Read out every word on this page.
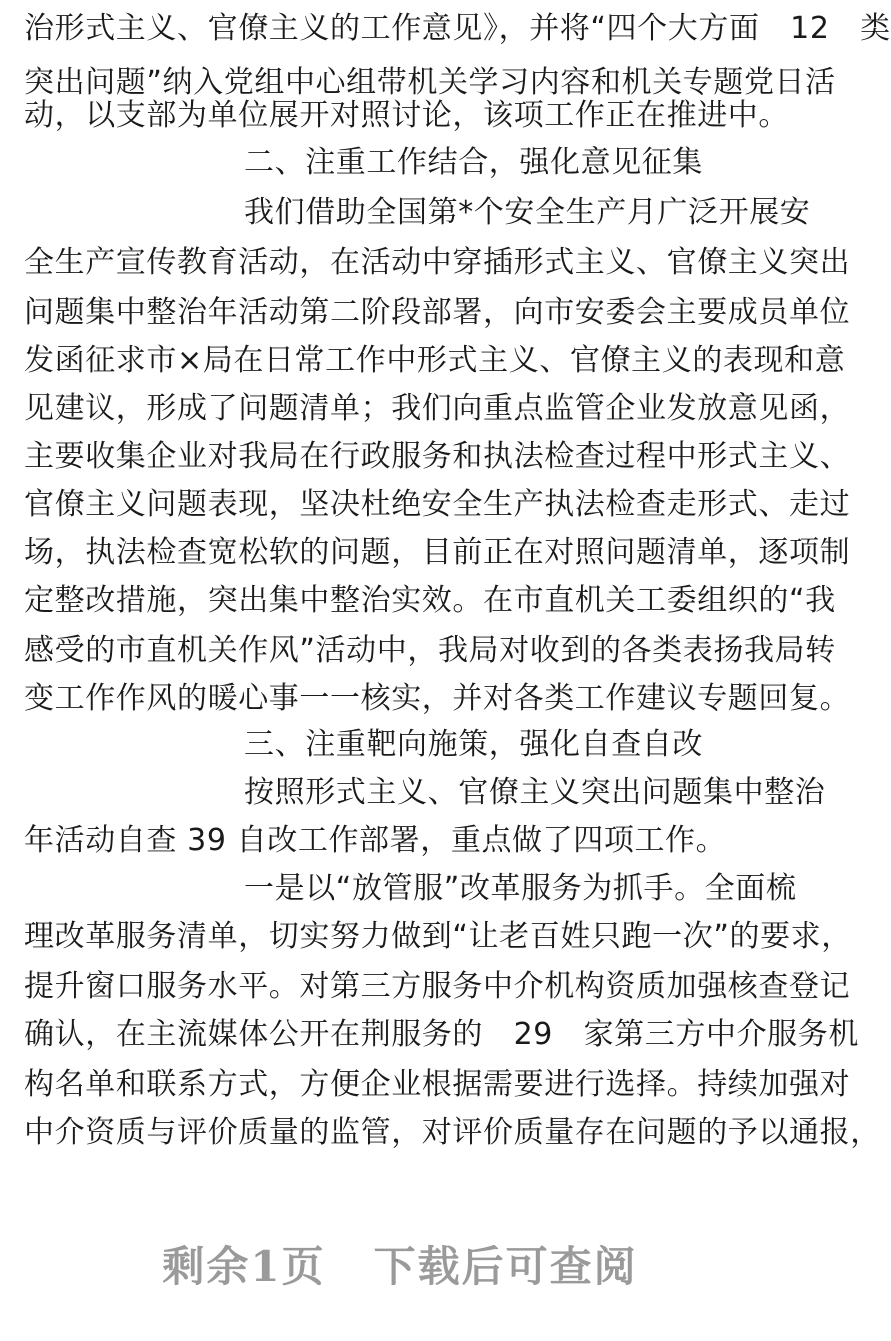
治形式主义、官僚主义的工作意见》，并将“四个大方面　12　类
突出问题”纳入党组中心组带机关学习内容和机关专题党日活
动，以支部为单位展开对照讨论，该项工作正在推进中。
二、注重工作结合，强化意见征集
我们借助全国第*个安全生产月广泛开展安
全生产宣传教育活动，在活动中穿插形式主义、官僚主义突出
问题集中整治年活动第二阶段部署，向市安委会主要成员单位
发函征求市×局在日常工作中形式主义、官僚主义的表现和意
见建议，形成了问题清单；我们向重点监管企业发放意见函，
主要收集企业对我局在行政服务和执法检查过程中形式主义、
官僚主义问题表现，坚决杜绝安全生产执法检查走形式、走过
场，执法检查宽松软的问题，目前正在对照问题清单，逐项制
定整改措施，突出集中整治实效。在市直机关工委组织的“我
感受的市直机关作风”活动中，我局对收到的各类表扬我局转
变工作作风的暖心事一一核实，并对各类工作建议专题回复。
三、注重靶向施策，强化自查自改
按照形式主义、官僚主义突出问题集中整治
年活动自查 39 自改工作部署，重点做了四项工作。
一是以“放管服”改革服务为抓手。全面梳
理改革服务清单，切实努力做到“让老百姓只跑一次”的要求，
提升窗口服务水平。对第三方服务中介机构资质加强核查登记
确认，在主流媒体公开在荆服务的　29　家第三方中介服务机
构名单和联系方式，方便企业根据需要进行选择。持续加强对
中介资质与评价质量的监管，对评价质量存在问题的予以通报，
剩余1页 下载后可查阅
